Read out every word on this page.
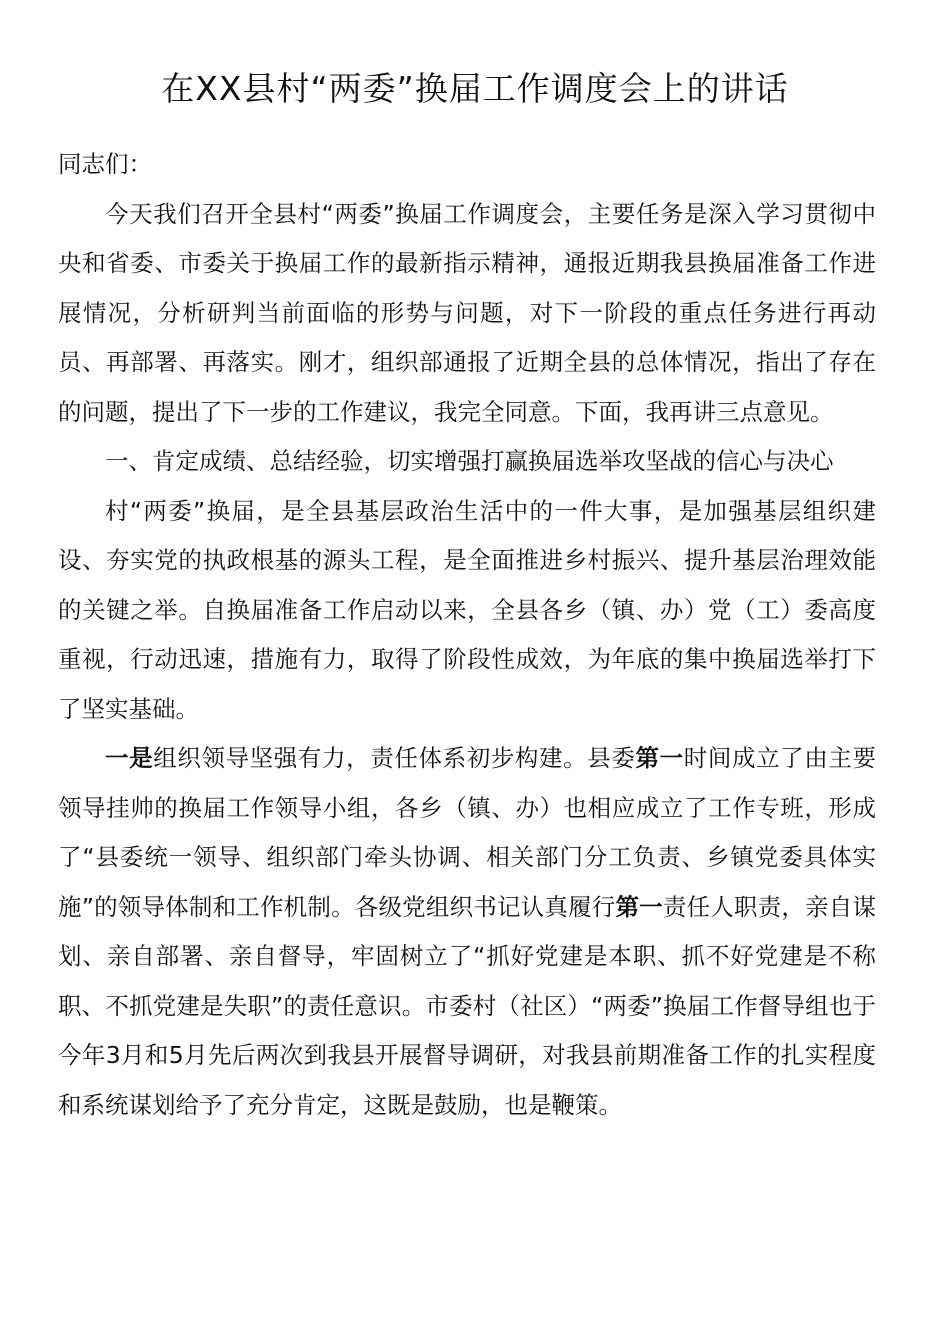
在XX县村“两委”换届工作调度会上的讲话

同志们：

今天我们召开全县村“两委”换届工作调度会，主要任务是深入学习贯彻中央和省委、市委关于换届工作的最新指示精神，通报近期我县换届准备工作进展情况，分析研判当前面临的形势与问题，对下一阶段的重点任务进行再动员、再部署、再落实。刚才，组织部通报了近期全县的总体情况，指出了存在的问题，提出了下一步的工作建议，我完全同意。下面，我再讲三点意见。

一、肯定成绩、总结经验，切实增强打赢换届选举攻坚战的信心与决心

村“两委”换届，是全县基层政治生活中的一件大事，是加强基层组织建设、夯实党的执政根基的源头工程，是全面推进乡村振兴、提升基层治理效能的关键之举。自换届准备工作启动以来，全县各乡（镇、办）党（工）委高度重视，行动迅速，措施有力，取得了阶段性成效，为年底的集中换届选举打下了坚实基础。

一是组织领导坚强有力，责任体系初步构建。县委第一时间成立了由主要领导挂帅的换届工作领导小组，各乡（镇、办）也相应成立了工作专班，形成了“县委统一领导、组织部门牵头协调、相关部门分工负责、乡镇党委具体实施”的领导体制和工作机制。各级党组织书记认真履行第一责任人职责，亲自谋划、亲自部署、亲自督导，牢固树立了“抓好党建是本职、抓不好党建是不称职、不抓党建是失职”的责任意识。市委村（社区）“两委”换届工作督导组也于今年3月和5月先后两次到我县开展督导调研，对我县前期准备工作的扎实程度和系统谋划给予了充分肯定，这既是鼓励，也是鞭策。
